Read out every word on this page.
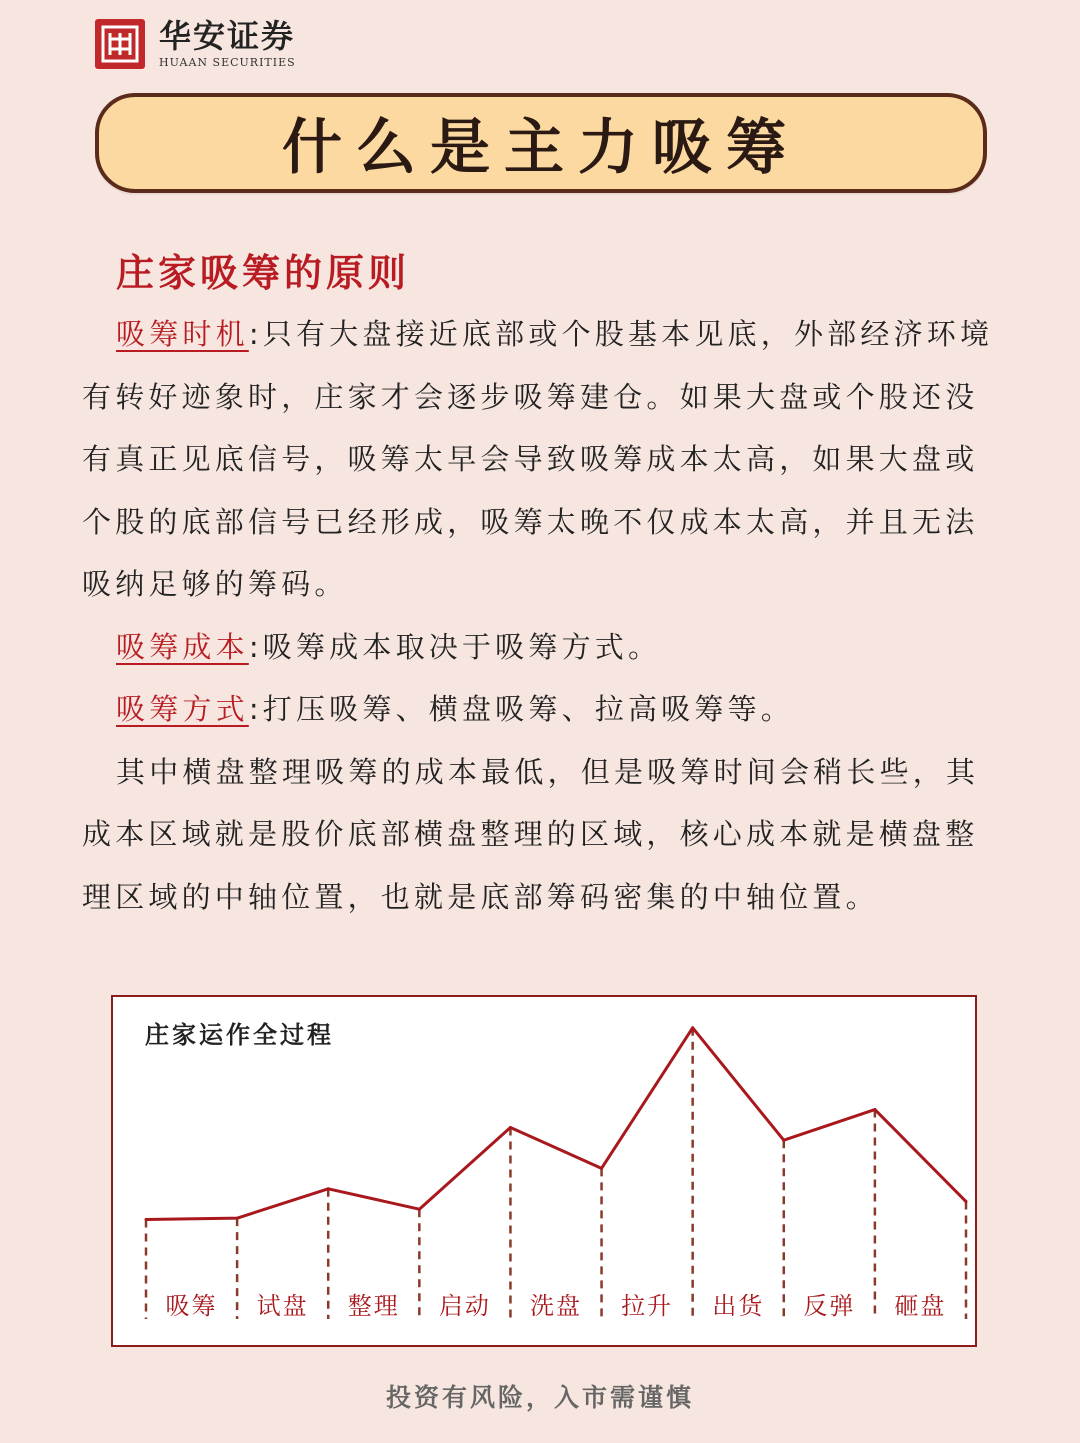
华安证券
HUAAN SECURITIES
什么是主力吸筹
庄家吸筹的原则

吸筹时机:只有大盘接近底部或个股基本见底，外部经济环境有转好迹象时，庄家才会逐步吸筹建仓。如果大盘或个股还没有真正见底信号，吸筹太早会导致吸筹成本太高，如果大盘或个股的底部信号已经形成，吸筹太晚不仅成本太高，并且无法吸纳足够的筹码。

吸筹成本:吸筹成本取决于吸筹方式。

吸筹方式:打压吸筹、横盘吸筹、拉高吸筹等。

其中横盘整理吸筹的成本最低，但是吸筹时间会稍长些，其成本区域就是股价底部横盘整理的区域，核心成本就是横盘整理区域的中轴位置，也就是底部筹码密集的中轴位置。

吸筹 试盘 整理 启动 洗盘 拉升 出货 反弹 砸盘
庄家运作全过程
投资有风险，入市需谨慎
